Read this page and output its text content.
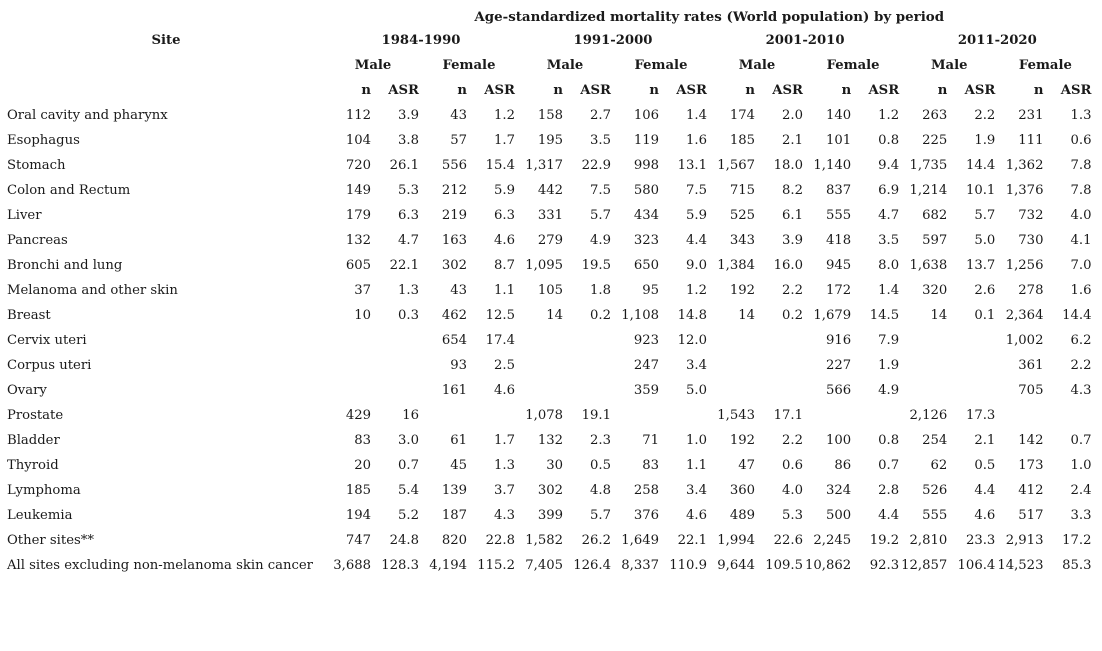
	Age-standardized mortality rates (World population) by period															
Site	1984-1990				1991-2000				2001-2010				2011-2020			
	Male		Female		Male		Female		Male		Female		Male		Female	
	n	ASR	n	ASR	n	ASR	n	ASR	n	ASR	n	ASR	n	ASR	n	ASR
Oral cavity and pharynx	112	3.9	43	1.2	158	2.7	106	1.4	174	2.0	140	1.2	263	2.2	231	1.3
Esophagus	104	3.8	57	1.7	195	3.5	119	1.6	185	2.1	101	0.8	225	1.9	111	0.6
Stomach	720	26.1	556	15.4	1,317	22.9	998	13.1	1,567	18.0	1,140	9.4	1,735	14.4	1,362	7.8
Colon and Rectum	149	5.3	212	5.9	442	7.5	580	7.5	715	8.2	837	6.9	1,214	10.1	1,376	7.8
Liver	179	6.3	219	6.3	331	5.7	434	5.9	525	6.1	555	4.7	682	5.7	732	4.0
Pancreas	132	4.7	163	4.6	279	4.9	323	4.4	343	3.9	418	3.5	597	5.0	730	4.1
Bronchi and lung	605	22.1	302	8.7	1,095	19.5	650	9.0	1,384	16.0	945	8.0	1,638	13.7	1,256	7.0
Melanoma and other skin	37	1.3	43	1.1	105	1.8	95	1.2	192	2.2	172	1.4	320	2.6	278	1.6
Breast	10	0.3	462	12.5	14	0.2	1,108	14.8	14	0.2	1,679	14.5	14	0.1	2,364	14.4
Cervix uteri			654	17.4			923	12.0			916	7.9			1,002	6.2
Corpus uteri			93	2.5			247	3.4			227	1.9			361	2.2
Ovary			161	4.6			359	5.0			566	4.9			705	4.3
Prostate	429	16			1,078	19.1			1,543	17.1			2,126	17.3		
Bladder	83	3.0	61	1.7	132	2.3	71	1.0	192	2.2	100	0.8	254	2.1	142	0.7
Thyroid	20	0.7	45	1.3	30	0.5	83	1.1	47	0.6	86	0.7	62	0.5	173	1.0
Lymphoma	185	5.4	139	3.7	302	4.8	258	3.4	360	4.0	324	2.8	526	4.4	412	2.4
Leukemia	194	5.2	187	4.3	399	5.7	376	4.6	489	5.3	500	4.4	555	4.6	517	3.3
Other sites**	747	24.8	820	22.8	1,582	26.2	1,649	22.1	1,994	22.6	2,245	19.2	2,810	23.3	2,913	17.2
All sites excluding non-melanoma skin cancer	3,688	128.3	4,194	115.2	7,405	126.4	8,337	110.9	9,644	109.5	10,862	92.3	12,857	106.4	14,523	85.3
